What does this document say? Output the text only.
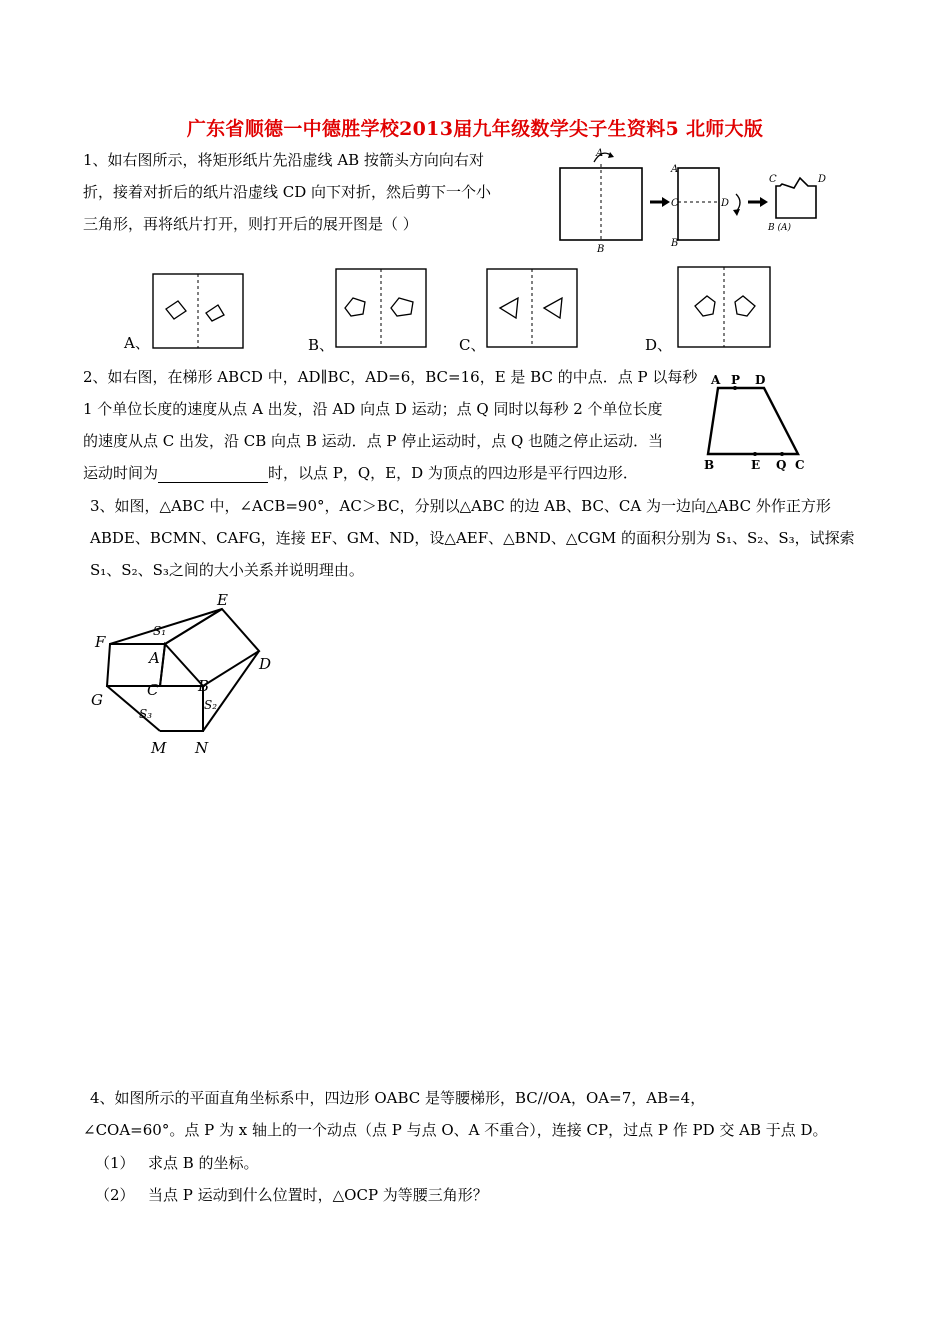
广东省顺德一中德胜学校2013届九年级数学尖子生资料5 北师大版
1、如右图所示，将矩形纸片先沿虚线 AB 按箭头方向向右对
折，接着对折后的纸片沿虚线 CD 向下对折，然后剪下一个小
三角形，再将纸片打开，则打开后的展开图是（ ）
A
B
A
C	D
B
C	D
B (A)
A、	B、	C、	D、
2、如右图，在梯形 ABCD 中，AD∥BC，AD=6，BC=16，E 是 BC 的中点．点 P 以每秒
1 个单位长度的速度从点 A 出发，沿 AD 向点 D 运动；点 Q 同时以每秒 2 个单位长度
的速度从点 C 出发，沿 CB 向点 B 运动．点 P 停止运动时，点 Q 也随之停止运动．当
运动时间为	时，以点 P，Q，E，D 为顶点的四边形是平行四边形．
A P D
B	E Q C
3、如图，△ABC 中，∠ACB=90°，AC＞BC，分别以△ABC 的边 AB、BC、CA 为一边向△ABC 外作正方形
ABDE、BCMN、CAFG，连接 EF、GM、ND，设△AEF、△BND、△CGM 的面积分别为 S₁、S₂、S₃，试探索
S₁、S₂、S₃之间的大小关系并说明理由。
E
F
S₁
A	D
C	B
G	S₂
S₃
M N
4、如图所示的平面直角坐标系中，四边形 OABC 是等腰梯形，BC//OA，OA=7，AB=4，
∠COA=60°。点 P 为 x 轴上的一个动点（点 P 与点 O、A 不重合），连接 CP，过点 P 作 PD 交 AB 于点 D。
（1） 求点 B 的坐标。
（2） 当点 P 运动到什么位置时，△OCP 为等腰三角形？
